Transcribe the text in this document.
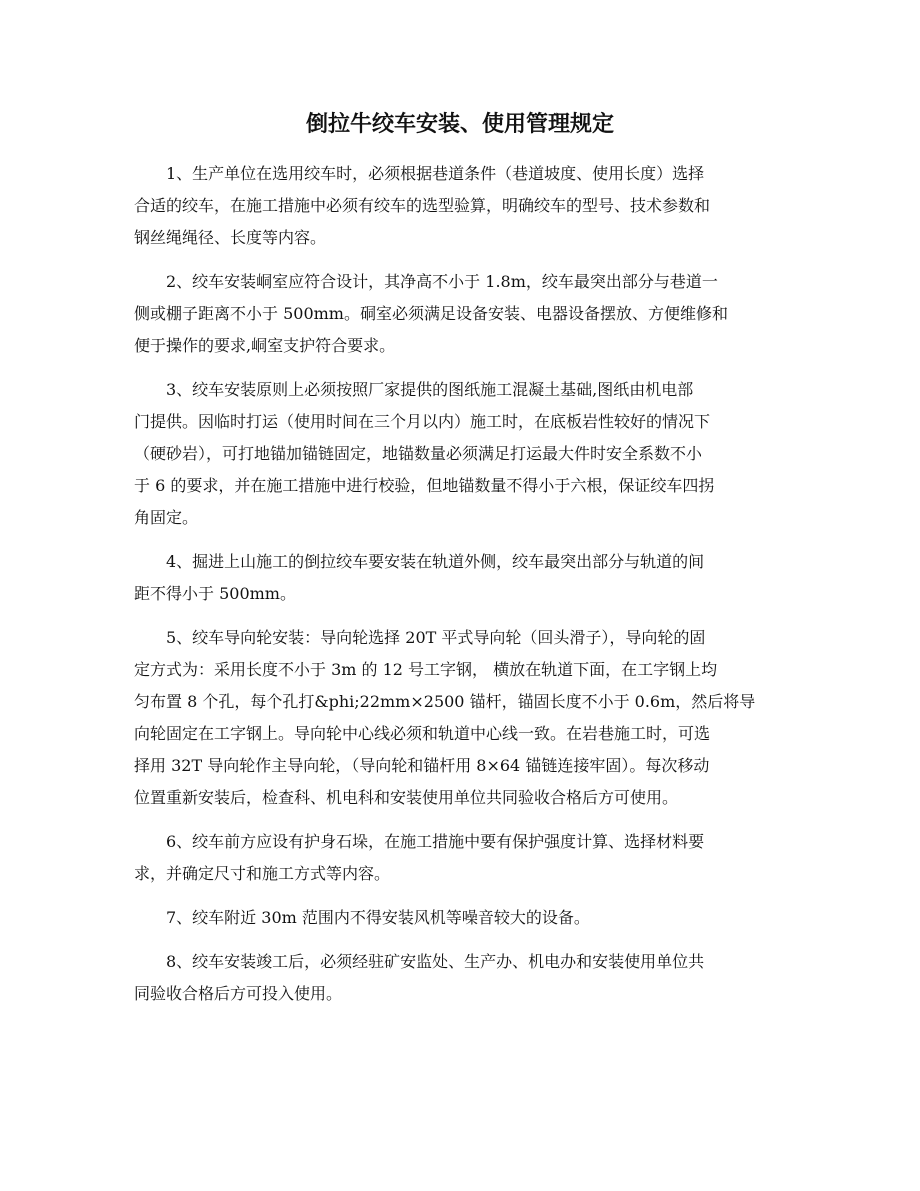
倒拉牛绞车安装、使用管理规定

1、生产单位在选用绞车时，必须根据巷道条件（巷道坡度、使用长度）选择
合适的绞车，在施工措施中必须有绞车的选型验算，明确绞车的型号、技术参数和
钢丝绳绳径、长度等内容。

2、绞车安装峒室应符合设计，其净高不小于 1.8m，绞车最突出部分与巷道一
侧或棚子距离不小于 500mm。硐室必须满足设备安装、电器设备摆放、方便维修和
便于操作的要求,峒室支护符合要求。

3、绞车安装原则上必须按照厂家提供的图纸施工混凝土基础,图纸由机电部
门提供。因临时打运（使用时间在三个月以内）施工时，在底板岩性较好的情况下
（硬砂岩），可打地锚加锚链固定，地锚数量必须满足打运最大件时安全系数不小
于 6 的要求，并在施工措施中进行校验，但地锚数量不得小于六根，保证绞车四拐
角固定。

4、掘进上山施工的倒拉绞车要安装在轨道外侧，绞车最突出部分与轨道的间
距不得小于 500mm。

5、绞车导向轮安装：导向轮选择 20T 平式导向轮（回头滑子），导向轮的固
定方式为：采用长度不小于 3m 的 12 号工字钢， 横放在轨道下面，在工字钢上均
匀布置 8 个孔，每个孔打&phi;22mm×2500 锚杆，锚固长度不小于 0.6m，然后将导
向轮固定在工字钢上。导向轮中心线必须和轨道中心线一致。在岩巷施工时，可选
择用 32T 导向轮作主导向轮，（导向轮和锚杆用 8×64 锚链连接牢固）。每次移动
位置重新安装后，检查科、机电科和安装使用单位共同验收合格后方可使用。

6、绞车前方应设有护身石垛，在施工措施中要有保护强度计算、选择材料要
求，并确定尺寸和施工方式等内容。

7、绞车附近 30m 范围内不得安装风机等噪音较大的设备。

8、绞车安装竣工后，必须经驻矿安监处、生产办、机电办和安装使用单位共
同验收合格后方可投入使用。
